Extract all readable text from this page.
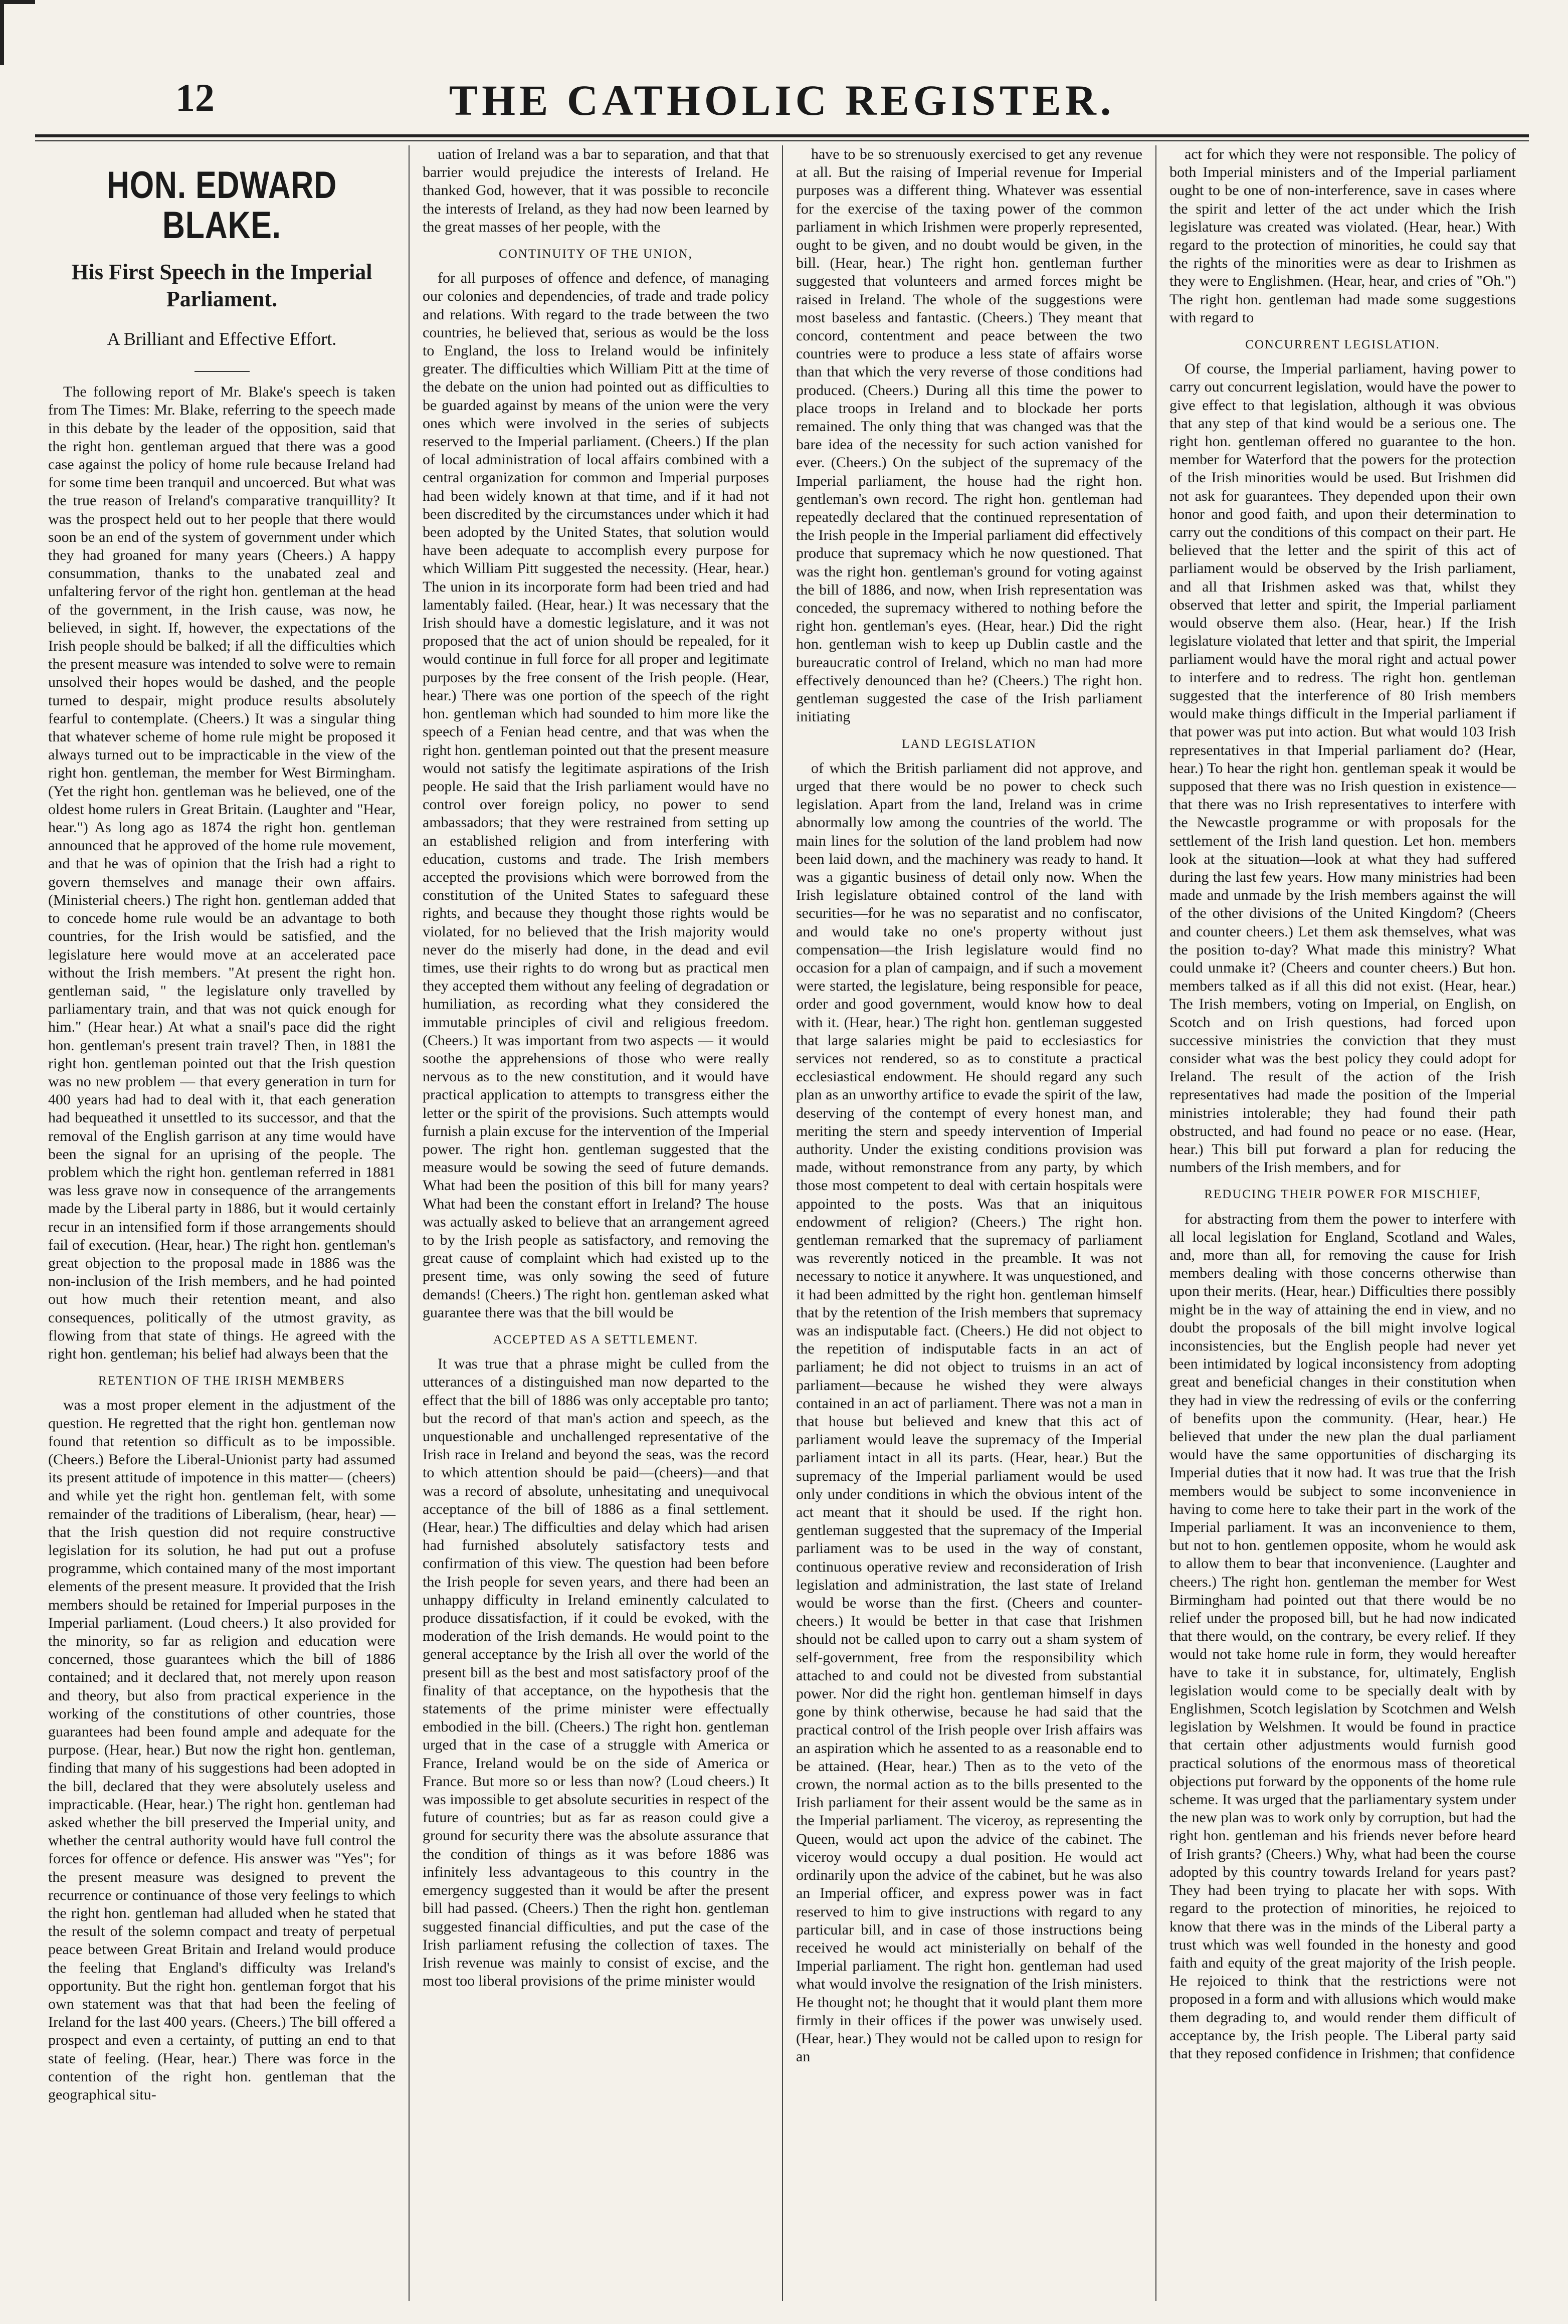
12	THE CATHOLIC REGISTER.
HON. EDWARD BLAKE.
His First Speech in the Imperial Parliament.
A Brilliant and Effective Effort.

The following report of Mr. Blake's speech is taken from The Times: Mr. Blake, referring to the speech made in this debate by the leader of the opposition, said that the right hon. gentleman argued that there was a good case against the policy of home rule because Ireland had for some time been tranquil and uncoerced. But what was the true reason of Ireland's comparative tranquillity? It was the prospect held out to her people that there would soon be an end of the system of government under which they had groaned for many years (Cheers.) A happy consummation, thanks to the unabated zeal and unfaltering fervor of the right hon. gentleman at the head of the government, in the Irish cause, was now, he believed, in sight. If, however, the expectations of the Irish people should be balked; if all the difficulties which the present measure was intended to solve were to remain unsolved their hopes would be dashed, and the people turned to despair, might produce results absolutely fearful to contemplate. (Cheers.) It was a singular thing that whatever scheme of home rule might be proposed it always turned out to be impracticable in the view of the right hon. gentleman, the member for West Birmingham. (Yet the right hon. gentleman was he believed, one of the oldest home rulers in Great Britain. (Laughter and "Hear, hear.") As long ago as 1874 the right hon. gentleman announced that he approved of the home rule movement, and that he was of opinion that the Irish had a right to govern themselves and manage their own affairs. (Ministerial cheers.) The right hon. gentleman added that to concede home rule would be an advantage to both countries, for the Irish would be satisfied, and the legislature here would move at an accelerated pace without the Irish members. "At present the right hon. gentleman said, " the legislature only travelled by parliamentary train, and that was not quick enough for him." (Hear hear.) At what a snail's pace did the right hon. gentleman's present train travel? Then, in 1881 the right hon. gentleman pointed out that the Irish question was no new problem — that every generation in turn for 400 years had had to deal with it, that each generation had bequeathed it unsettled to its successor, and that the removal of the English garrison at any time would have been the signal for an uprising of the people. The problem which the right hon. gentleman referred in 1881 was less grave now in consequence of the arrangements made by the Liberal party in 1886, but it would certainly recur in an intensified form if those arrangements should fail of execution. (Hear, hear.) The right hon. gentleman's great objection to the proposal made in 1886 was the non-inclusion of the Irish members, and he had pointed out how much their retention meant, and also consequences, politically of the utmost gravity, as flowing from that state of things. He agreed with the right hon. gentleman; his belief had always been that the

RETENTION OF THE IRISH MEMBERS

was a most proper element in the adjustment of the question. He regretted that the right hon. gentleman now found that retention so difficult as to be impossible. (Cheers.) Before the Liberal-Unionist party had assumed its present attitude of impotence in this matter— (cheers) and while yet the right hon. gentleman felt, with some remainder of the traditions of Liberalism, (hear, hear) —that the Irish question did not require constructive legislation for its solution, he had put out a profuse programme, which contained many of the most important elements of the present measure. It provided that the Irish members should be retained for Imperial purposes in the Imperial parliament. (Loud cheers.) It also provided for the minority, so far as religion and education were concerned, those guarantees which the bill of 1886 contained; and it declared that, not merely upon reason and theory, but also from practical experience in the working of the constitutions of other countries, those guarantees had been found ample and adequate for the purpose. (Hear, hear.) But now the right hon. gentleman, finding that many of his suggestions had been adopted in the bill, declared that they were absolutely useless and impracticable. (Hear, hear.) The right hon. gentleman had asked whether the bill preserved the Imperial unity, and whether the central authority would have full control the forces for offence or defence. His answer was "Yes"; for the present measure was designed to prevent the recurrence or continuance of those very feelings to which the right hon. gentleman had alluded when he stated that the result of the solemn compact and treaty of perpetual peace between Great Britain and Ireland would produce the feeling that England's difficulty was Ireland's opportunity. But the right hon. gentleman forgot that his own statement was that that had been the feeling of Ireland for the last 400 years. (Cheers.) The bill offered a prospect and even a certainty, of putting an end to that state of feeling. (Hear, hear.) There was force in the contention of the right hon. gentleman that the geographical situ-

uation of Ireland was a bar to separation, and that that barrier would prejudice the interests of Ireland. He thanked God, however, that it was possible to reconcile the interests of Ireland, as they had now been learned by the great masses of her people, with the

CONTINUITY OF THE UNION,

for all purposes of offence and defence, of managing our colonies and dependencies, of trade and trade policy and relations. With regard to the trade between the two countries, he believed that, serious as would be the loss to England, the loss to Ireland would be infinitely greater. The difficulties which William Pitt at the time of the debate on the union had pointed out as difficulties to be guarded against by means of the union were the very ones which were involved in the series of subjects reserved to the Imperial parliament. (Cheers.) If the plan of local administration of local affairs combined with a central organization for common and Imperial purposes had been widely known at that time, and if it had not been discredited by the circumstances under which it had been adopted by the United States, that solution would have been adequate to accomplish every purpose for which William Pitt suggested the necessity. (Hear, hear.) The union in its incorporate form had been tried and had lamentably failed. (Hear, hear.) It was necessary that the Irish should have a domestic legislature, and it was not proposed that the act of union should be repealed, for it would continue in full force for all proper and legitimate purposes by the free consent of the Irish people. (Hear, hear.) There was one portion of the speech of the right hon. gentleman which had sounded to him more like the speech of a Fenian head centre, and that was when the right hon. gentleman pointed out that the present measure would not satisfy the legitimate aspirations of the Irish people. He said that the Irish parliament would have no control over foreign policy, no power to send ambassadors; that they were restrained from setting up an established religion and from interfering with education, customs and trade. The Irish members accepted the provisions which were borrowed from the constitution of the United States to safeguard these rights, and because they thought those rights would be violated, for no believed that the Irish majority would never do the miserly had done, in the dead and evil times, use their rights to do wrong but as practical men they accepted them without any feeling of degradation or humiliation, as recording what they considered the immutable principles of civil and religious freedom. (Cheers.) It was important from two aspects — it would soothe the apprehensions of those who were really nervous as to the new constitution, and it would have practical application to attempts to transgress either the letter or the spirit of the provisions. Such attempts would furnish a plain excuse for the intervention of the Imperial power. The right hon. gentleman suggested that the measure would be sowing the seed of future demands. What had been the position of this bill for many years? What had been the constant effort in Ireland? The house was actually asked to believe that an arrangement agreed to by the Irish people as satisfactory, and removing the great cause of complaint which had existed up to the present time, was only sowing the seed of future demands! (Cheers.) The right hon. gentleman asked what guarantee there was that the bill would be

ACCEPTED AS A SETTLEMENT.

It was true that a phrase might be culled from the utterances of a distinguished man now departed to the effect that the bill of 1886 was only acceptable pro tanto; but the record of that man's action and speech, as the unquestionable and unchallenged representative of the Irish race in Ireland and beyond the seas, was the record to which attention should be paid—(cheers)—and that was a record of absolute, unhesitating and unequivocal acceptance of the bill of 1886 as a final settlement. (Hear, hear.) The difficulties and delay which had arisen had furnished absolutely satisfactory tests and confirmation of this view. The question had been before the Irish people for seven years, and there had been an unhappy difficulty in Ireland eminently calculated to produce dissatisfaction, if it could be evoked, with the moderation of the Irish demands. He would point to the general acceptance by the Irish all over the world of the present bill as the best and most satisfactory proof of the finality of that acceptance, on the hypothesis that the statements of the prime minister were effectually embodied in the bill. (Cheers.) The right hon. gentleman urged that in the case of a struggle with America or France, Ireland would be on the side of America or France. But more so or less than now? (Loud cheers.) It was impossible to get absolute securities in respect of the future of countries; but as far as reason could give a ground for security there was the absolute assurance that the condition of things as it was before 1886 was infinitely less advantageous to this country in the emergency suggested than it would be after the present bill had passed. (Cheers.) Then the right hon. gentleman suggested financial difficulties, and put the case of the Irish parliament refusing the collection of taxes. The Irish revenue was mainly to consist of excise, and the most too liberal provisions of the prime minister would

have to be so strenuously exercised to get any revenue at all. But the raising of Imperial revenue for Imperial purposes was a different thing. Whatever was essential for the exercise of the taxing power of the common parliament in which Irishmen were properly represented, ought to be given, and no doubt would be given, in the bill. (Hear, hear.) The right hon. gentleman further suggested that volunteers and armed forces might be raised in Ireland. The whole of the suggestions were most baseless and fantastic. (Cheers.) They meant that concord, contentment and peace between the two countries were to produce a less state of affairs worse than that which the very reverse of those conditions had produced. (Cheers.) During all this time the power to place troops in Ireland and to blockade her ports remained. The only thing that was changed was that the bare idea of the necessity for such action vanished for ever. (Cheers.) On the subject of the supremacy of the Imperial parliament, the house had the right hon. gentleman's own record. The right hon. gentleman had repeatedly declared that the continued representation of the Irish people in the Imperial parliament did effectively produce that supremacy which he now questioned. That was the right hon. gentleman's ground for voting against the bill of 1886, and now, when Irish representation was conceded, the supremacy withered to nothing before the right hon. gentleman's eyes. (Hear, hear.) Did the right hon. gentleman wish to keep up Dublin castle and the bureaucratic control of Ireland, which no man had more effectively denounced than he? (Cheers.) The right hon. gentleman suggested the case of the Irish parliament initiating

LAND LEGISLATION

of which the British parliament did not approve, and urged that there would be no power to check such legislation. Apart from the land, Ireland was in crime abnormally low among the countries of the world. The main lines for the solution of the land problem had now been laid down, and the machinery was ready to hand. It was a gigantic business of detail only now. When the Irish legislature obtained control of the land with securities—for he was no separatist and no confiscator, and would take no one's property without just compensation—the Irish legislature would find no occasion for a plan of campaign, and if such a movement were started, the legislature, being responsible for peace, order and good government, would know how to deal with it. (Hear, hear.) The right hon. gentleman suggested that large salaries might be paid to ecclesiastics for services not rendered, so as to constitute a practical ecclesiastical endowment. He should regard any such plan as an unworthy artifice to evade the spirit of the law, deserving of the contempt of every honest man, and meriting the stern and speedy intervention of Imperial authority. Under the existing conditions provision was made, without remonstrance from any party, by which those most competent to deal with certain hospitals were appointed to the posts. Was that an iniquitous endowment of religion? (Cheers.) The right hon. gentleman remarked that the supremacy of parliament was reverently noticed in the preamble. It was not necessary to notice it anywhere. It was unquestioned, and it had been admitted by the right hon. gentleman himself that by the retention of the Irish members that supremacy was an indisputable fact. (Cheers.) He did not object to the repetition of indisputable facts in an act of parliament; he did not object to truisms in an act of parliament—because he wished they were always contained in an act of parliament. There was not a man in that house but believed and knew that this act of parliament would leave the supremacy of the Imperial parliament intact in all its parts. (Hear, hear.) But the supremacy of the Imperial parliament would be used only under conditions in which the obvious intent of the act meant that it should be used. If the right hon. gentleman suggested that the supremacy of the Imperial parliament was to be used in the way of constant, continuous operative review and reconsideration of Irish legislation and administration, the last state of Ireland would be worse than the first. (Cheers and counter-cheers.) It would be better in that case that Irishmen should not be called upon to carry out a sham system of self-government, free from the responsibility which attached to and could not be divested from substantial power. Nor did the right hon. gentleman himself in days gone by think otherwise, because he had said that the practical control of the Irish people over Irish affairs was an aspiration which he assented to as a reasonable end to be attained. (Hear, hear.) Then as to the veto of the crown, the normal action as to the bills presented to the Irish parliament for their assent would be the same as in the Imperial parliament. The viceroy, as representing the Queen, would act upon the advice of the cabinet. The viceroy would occupy a dual position. He would act ordinarily upon the advice of the cabinet, but he was also an Imperial officer, and express power was in fact reserved to him to give instructions with regard to any particular bill, and in case of those instructions being received he would act ministerially on behalf of the Imperial parliament. The right hon. gentleman had used what would involve the resignation of the Irish ministers. He thought not; he thought that it would plant them more firmly in their offices if the power was unwisely used. (Hear, hear.) They would not be called upon to resign for an

act for which they were not responsible. The policy of both Imperial ministers and of the Imperial parliament ought to be one of non-interference, save in cases where the spirit and letter of the act under which the Irish legislature was created was violated. (Hear, hear.) With regard to the protection of minorities, he could say that the rights of the minorities were as dear to Irishmen as they were to Englishmen. (Hear, hear, and cries of "Oh.") The right hon. gentleman had made some suggestions with regard to

CONCURRENT LEGISLATION.

Of course, the Imperial parliament, having power to carry out concurrent legislation, would have the power to give effect to that legislation, although it was obvious that any step of that kind would be a serious one. The right hon. gentleman offered no guarantee to the hon. member for Waterford that the powers for the protection of the Irish minorities would be used. But Irishmen did not ask for guarantees. They depended upon their own honor and good faith, and upon their determination to carry out the conditions of this compact on their part. He believed that the letter and the spirit of this act of parliament would be observed by the Irish parliament, and all that Irishmen asked was that, whilst they observed that letter and spirit, the Imperial parliament would observe them also. (Hear, hear.) If the Irish legislature violated that letter and that spirit, the Imperial parliament would have the moral right and actual power to interfere and to redress. The right hon. gentleman suggested that the interference of 80 Irish members would make things difficult in the Imperial parliament if that power was put into action. But what would 103 Irish representatives in that Imperial parliament do? (Hear, hear.) To hear the right hon. gentleman speak it would be supposed that there was no Irish question in existence—that there was no Irish representatives to interfere with the Newcastle programme or with proposals for the settlement of the Irish land question. Let hon. members look at the situation—look at what they had suffered during the last few years. How many ministries had been made and unmade by the Irish members against the will of the other divisions of the United Kingdom? (Cheers and counter cheers.) Let them ask themselves, what was the position to-day? What made this ministry? What could unmake it? (Cheers and counter cheers.) But hon. members talked as if all this did not exist. (Hear, hear.) The Irish members, voting on Imperial, on English, on Scotch and on Irish questions, had forced upon successive ministries the conviction that they must consider what was the best policy they could adopt for Ireland. The result of the action of the Irish representatives had made the position of the Imperial ministries intolerable; they had found their path obstructed, and had found no peace or no ease. (Hear, hear.) This bill put forward a plan for reducing the numbers of the Irish members, and for

REDUCING THEIR POWER FOR MISCHIEF,

for abstracting from them the power to interfere with all local legislation for England, Scotland and Wales, and, more than all, for removing the cause for Irish members dealing with those concerns otherwise than upon their merits. (Hear, hear.) Difficulties there possibly might be in the way of attaining the end in view, and no doubt the proposals of the bill might involve logical inconsistencies, but the English people had never yet been intimidated by logical inconsistency from adopting great and beneficial changes in their constitution when they had in view the redressing of evils or the conferring of benefits upon the community. (Hear, hear.) He believed that under the new plan the dual parliament would have the same opportunities of discharging its Imperial duties that it now had. It was true that the Irish members would be subject to some inconvenience in having to come here to take their part in the work of the Imperial parliament. It was an inconvenience to them, but not to hon. gentlemen opposite, whom he would ask to allow them to bear that inconvenience. (Laughter and cheers.) The right hon. gentleman the member for West Birmingham had pointed out that there would be no relief under the proposed bill, but he had now indicated that there would, on the contrary, be every relief. If they would not take home rule in form, they would hereafter have to take it in substance, for, ultimately, English legislation would come to be specially dealt with by Englishmen, Scotch legislation by Scotchmen and Welsh legislation by Welshmen. It would be found in practice that certain other adjustments would furnish good practical solutions of the enormous mass of theoretical objections put forward by the opponents of the home rule scheme. It was urged that the parliamentary system under the new plan was to work only by corruption, but had the right hon. gentleman and his friends never before heard of Irish grants? (Cheers.) Why, what had been the course adopted by this country towards Ireland for years past? They had been trying to placate her with sops. With regard to the protection of minorities, he rejoiced to know that there was in the minds of the Liberal party a trust which was well founded in the honesty and good faith and equity of the great majority of the Irish people. He rejoiced to think that the restrictions were not proposed in a form and with allusions which would make them degrading to, and would render them difficult of acceptance by, the Irish people. The Liberal party said that they reposed confidence in Irishmen; that confidence
